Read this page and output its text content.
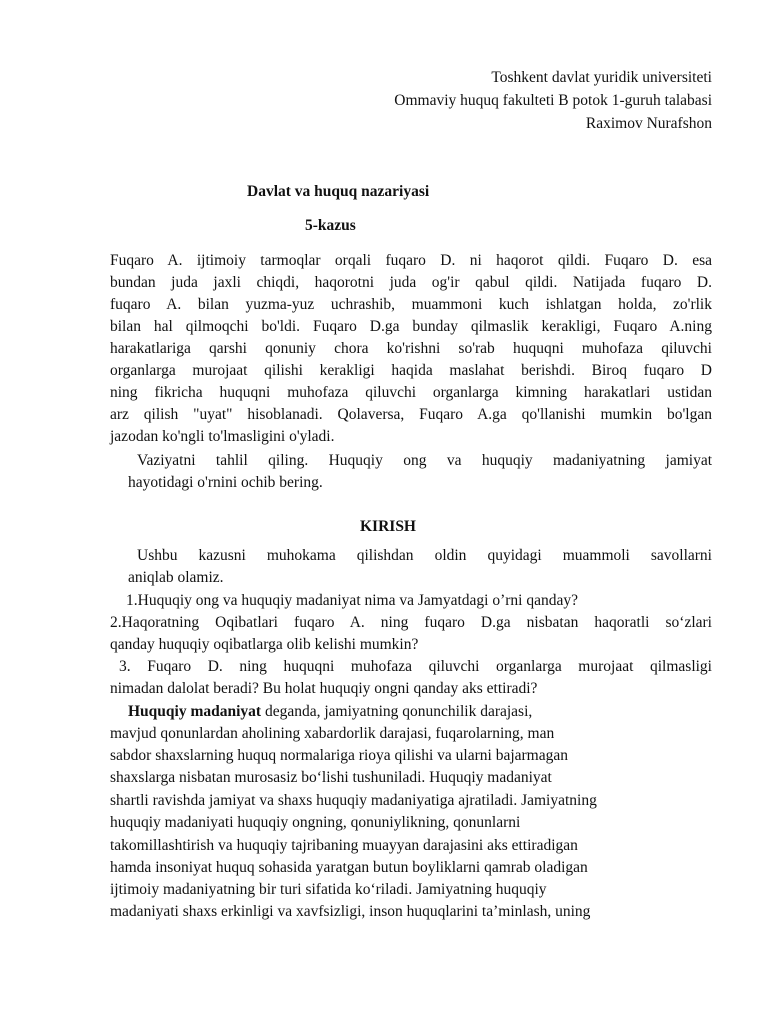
Toshkent davlat yuridik universiteti
Ommaviy huquq fakulteti B potok 1-guruh talabasi
Raximov Nurafshon
Davlat va huquq nazariyasi
5-kazus
Fuqaro A. ijtimoiy tarmoqlar orqali fuqaro D. ni haqorot qildi. Fuqaro D. esa
bundan juda jaxli chiqdi, haqorotni juda og'ir qabul qildi. Natijada fuqaro D.
fuqaro A. bilan yuzma-yuz uchrashib, muammoni kuch ishlatgan holda, zo'rlik
bilan hal qilmoqchi bo'ldi. Fuqaro D.ga bunday qilmaslik kerakligi, Fuqaro A.ning
harakatlariga qarshi qonuniy chora ko'rishni so'rab huquqni muhofaza qiluvchi
organlarga murojaat qilishi kerakligi haqida maslahat berishdi. Biroq fuqaro D
ning fikricha huquqni muhofaza qiluvchi organlarga kimning harakatlari ustidan
arz qilish "uyat" hisoblanadi. Qolaversa, Fuqaro A.ga qo'llanishi mumkin bo'lgan
jazodan ko'ngli to'lmasligini o'yladi.
Vaziyatni tahlil qiling. Huquqiy ong va huquqiy madaniyatning jamiyat
hayotidagi o'rnini ochib bering.
KIRISH
Ushbu kazusni muhokama qilishdan oldin quyidagi muammoli savollarni
aniqlab olamiz.
1.Huquqiy ong va huquqiy madaniyat nima va Jamyatdagi o’rni qanday?
2.Haqoratning Oqibatlari fuqaro A. ning fuqaro D.ga nisbatan haqoratli so‘zlari
qanday huquqiy oqibatlarga olib kelishi mumkin?
3. Fuqaro D. ning huquqni muhofaza qiluvchi organlarga murojaat qilmasligi
nimadan dalolat beradi? Bu holat huquqiy ongni qanday aks ettiradi?
Huquqiy madaniyat deganda, jamiyatning qonunchilik darajasi,
mavjud qonunlardan aholining xabardorlik darajasi, fuqarolarning, man
sabdor shaxslarning huquq normalariga rioya qilishi va ularni bajarmagan
shaxslarga nisbatan murosasiz bo‘lishi tushuniladi. Huquqiy madaniyat
shartli ravishda jamiyat va shaxs huquqiy madaniyatiga ajratiladi. Jamiyatning
huquqiy madaniyati huquqiy ongning, qonuniylikning, qonunlarni
takomillashtirish va huquqiy tajribaning muayyan darajasini aks ettiradigan
hamda insoniyat huquq sohasida yaratgan butun boyliklarni qamrab oladigan
ijtimoiy madaniyatning bir turi sifatida ko‘riladi. Jamiyatning huquqiy
madaniyati shaxs erkinligi va xavfsizligi, inson huquqlarini ta’minlash, uning
